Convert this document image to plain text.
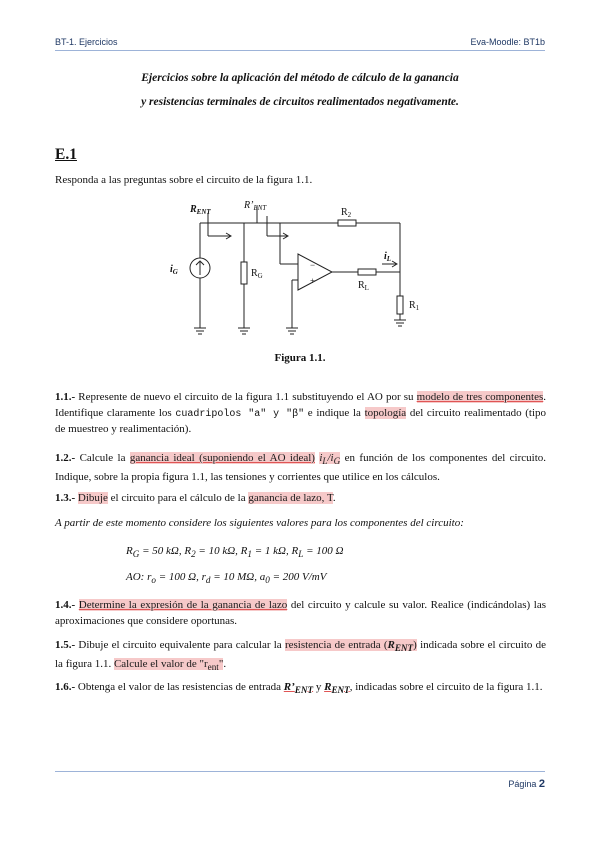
BT-1. Ejercicios	Eva-Moodle: BT1b
Ejercicios sobre la aplicación del método de cálculo de la ganancia
y resistencias terminales de circuitos realimentados negativamente.
E.1
Responda a las preguntas sobre el circuito de la figura 1.1.
$R_{ENT}$
$R’_{ENT}$
$i_G$	$R_G$
$R_2$
$i_L$
$R_L$
$R_1$
−
+
Figura 1.1.
1.1.- Represente de nuevo el circuito de la figura 1.1 substituyendo el AO por su modelo de tres componentes. Identifique claramente los cuadripolos "a" y "β" e indique la topología del circuito realimentado (tipo de muestreo y realimentación).
1.2.- Calcule la ganancia ideal (suponiendo el AO ideal) $i_L/i_G$ en función de los componentes del circuito. Indique, sobre la propia figura 1.1, las tensiones y corrientes que utilice en los cálculos.
1.3.- Dibuje el circuito para el cálculo de la ganancia de lazo, T.
A partir de este momento considere los siguientes valores para los componentes del circuito:
$R_G = 50$ kΩ, $R_2 = 10$ kΩ, $R_1 = 1$ kΩ, $R_L = 100$ Ω
AO: $r_o = 100$ Ω, $r_d = 10$ MΩ, $a_0 = 200$ V/mV
1.4.- Determine la expresión de la ganancia de lazo del circuito y calcule su valor. Realice (indicándolas) las aproximaciones que considere oportunas.
1.5.- Dibuje el circuito equivalente para calcular la resistencia de entrada $(R_{ENT})$ indicada sobre el circuito de la figura 1.1. Calcule el valor de "$r_{ent}$".
1.6.- Obtenga el valor de las resistencias de entrada $R’_{ENT}$ y $R_{ENT}$, indicadas sobre el circuito de la figura 1.1.
Página 2
